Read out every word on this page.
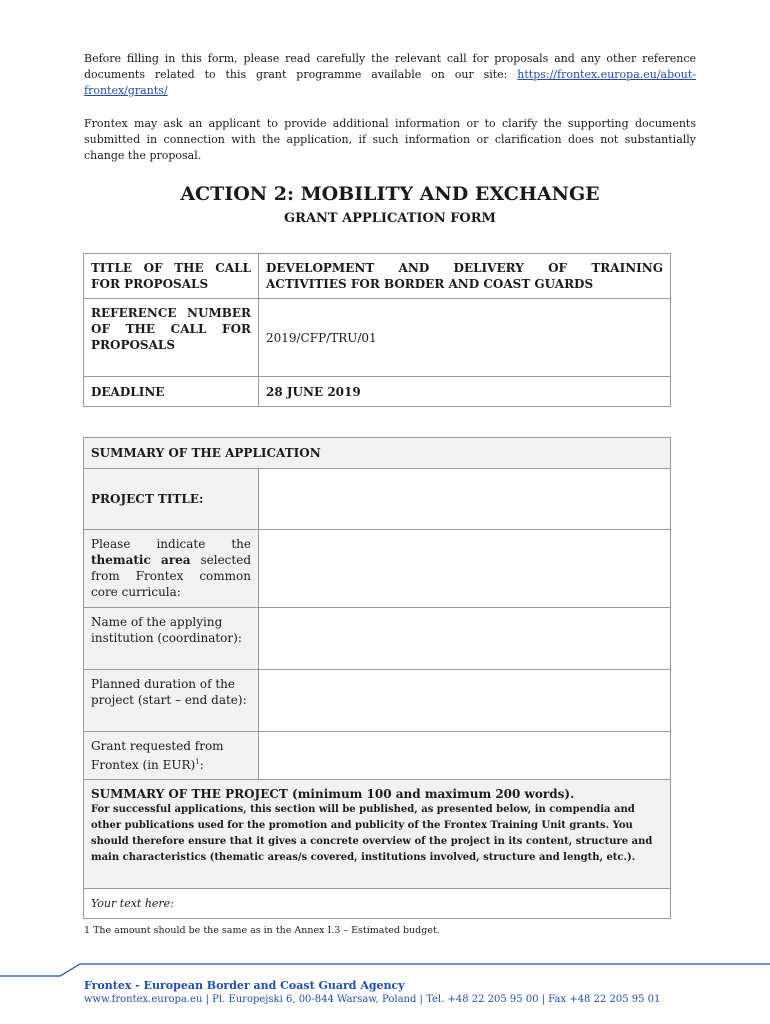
Before filling in this form, please read carefully the relevant call for proposals and any other reference documents related to this grant programme available on our site: https://frontex.europa.eu/about-frontex/grants/

Frontex may ask an applicant to provide additional information or to clarify the supporting documents submitted in connection with the application, if such information or clarification does not substantially change the proposal.

ACTION 2: MOBILITY AND EXCHANGE
GRANT APPLICATION FORM
TITLE OF THE CALL FOR PROPOSALS	DEVELOPMENT AND DELIVERY OF TRAINING ACTIVITIES FOR BORDER AND COAST GUARDS
REFERENCE NUMBER OF THE CALL FOR PROPOSALS	2019/CFP/TRU/01
DEADLINE	28 JUNE 2019
SUMMARY OF THE APPLICATION	
PROJECT TITLE:	
Please indicate the thematic area selected from Frontex common core curricula:	
Name of the applying institution (coordinator):	
Planned duration of the project (start – end date):	
Grant requested from Frontex (in EUR)$^1$:	

SUMMARY OF THE PROJECT (minimum 100 and maximum 200 words).
For successful applications, this section will be published, as presented below, in compendia and other publications used for the promotion and publicity of the Frontex Training Unit grants. You should therefore ensure that it gives a concrete overview of the project in its content, structure and main characteristics (thematic areas/s covered, institutions involved, structure and length, etc.).	

Your text here:	

1 The amount should be the same as in the Annex I.3 – Estimated budget.

Frontex - European Border and Coast Guard Agency

www.frontex.europa.eu | Pl. Europejski 6, 00-844 Warsaw, Poland | Tel. +48 22 205 95 00 | Fax +48 22 205 95 01
